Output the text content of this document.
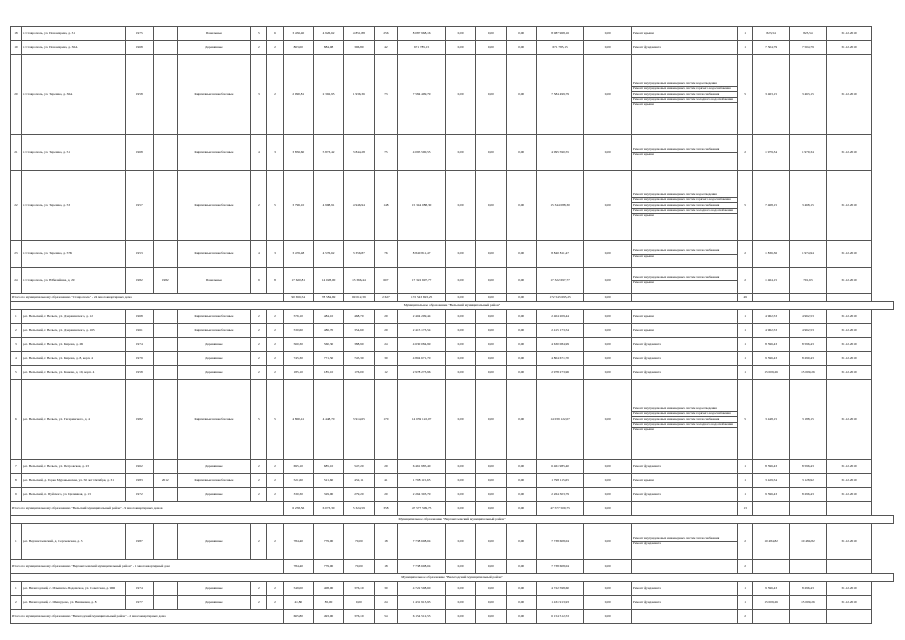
18	г. Ставрополь, ул. Пономарева, д. 31	1975		Панельные	5	6	3 456,40	4 926,62	4 851,88	256	8 087 968,16	0,00	0,00	0,00	8 087 968,16	0,00	Ремонт крыши	1	823,54	823,54	31.12.2019
19	г. Ставрополь, ул. Пономарева, д. 36А	1968		Деревянные	2	2	863,00	884,08	396,80	42	671 785,15	0,00	0,00	0,00	671 785,15	0,00	Ремонт фундамента	1	7 504,79	7 504,79	31.12.2019
20	г. Ставрополь, ул. Терешко, д. 36А	1958		Кирпичные/шлакоблочные	3	2	2 090,81	2 392,95	1 936,36	73	7 584 499,79	0,00	0,00	0,00	7 584 499,79	0,00	Ремонт внутридомовых инженерных систем водоотведения
Ремонт внутридомовых инженерных систем горячего водоснабжения
Ремонт внутридомовых инженерных систем теплоснабжения
Ремонт внутридомовых инженерных систем холодного водоснабжения
Ремонт крыши	5	3 463,15	3 463,15	31.12.2019
21	г. Ставрополь, ул. Терешко, д. 51	1968		Кирпичные/шлакоблочные	4	3	3 856,60	5 873,42	3 844,28	75	4 095 590,55	0,00	0,00	0,00	4 095 590,55	0,00	Ремонт внутридомовых инженерных систем теплоснабжения
Ремонт крыши	2	1 979,34	1 979,34	31.12.2019
22	г. Ставрополь, ул. Терешко, д. 53	1957		Кирпичные/шлакоблочные	2	5	3 796,10	4 998,91	4 946,94	148	15 344 088,30	0,00	0,00	0,00	15 344 088,30	0,00	Ремонт внутридомовых инженерных систем водоотведения
Ремонт внутридомовых инженерных систем горячего водоснабжения
Ремонт внутридомовых инженерных систем теплоснабжения
Ремонт внутридомовых инженерных систем холодного водоснабжения
Ремонт крыши	5	7 468,15	3 468,15	31.12.2019
23	г. Ставрополь, ул. Терешко, д. 57Б	1953		Кирпичные/шлакоблочные	4	3	3 476,48	4 576,62	3 356,87	76	8 840 811,47	0,00	0,00	0,00	8 840 811,47	0,00	Ремонт внутридомовых инженерных систем теплоснабжения
Ремонт крыши	2	1 836,36	1 974,94	31.12.2019
24	г. Ставрополь, ул. Юбилейная, д. 29	1982	1982	Панельные	9	8	17 620,81	14 028,00	13 366,44	607	17 322 697,77	0,00	0,00	0,00	17 322 697,77	0,00	Ремонт внутридомовых инженерных систем теплоснабжения
Ремонт крыши	2	1 464,15	791,63	31.12.2019
Итого по муниципальному образованию "Ставрополь" - 24 многоквартирных дома							90 656,54	78 584,69	69 012,39	2 627	172 543 693,25	0,00	0,00	0,00	172 543 693,25	0,00		49			
Муниципальное образование "Вельский муниципальный район"																					
1	р.п. Вельский, г. Вельск, ул. Дзержинского, д. 12	1968		Кирпичные/шлакоблочные	2	2	576,10	484,10	468,70	29	2 404 209,44	0,00	0,00	0,00	2 404 209,44	0,00	Ремонт крыши	1	4 962,53	4 962,53	31.12.2019
2	р.п. Вельский, г. Вельск, ул. Дзержинского, д. 165	1961		Кирпичные/шлакоблочные	2	2	530,60	486,70	354,60	29	2 415 173,54	0,00	0,00	0,00	2 415 173,54	0,00	Ремонт крыши	1	4 962,53	4 962,53	31.12.2019
3	р.п. Вельский, г. Вельск, ул. Кирова, д. 2Б	1974		Деревянные	2	2	560,30	560,30	388,90	24	4 630 084,99	0,00	0,00	0,00	4 630 084,99	0,00	Ремонт фундамента	1	8 596,43	8 596,43	31.12.2019
4	р.п. Вельский, г. Вельск, ул. Кирова, д. 8, корп. 4	1979		Деревянные	2	2	745,30	771,50	745,30	30	4 804 671,70	0,00	0,00	0,00	4 804 671,70	0,00	Ремонт фундамента	1	9 596,43	8 290,43	31.12.2019
5	р.п. Вельский, г. Вельск, ул. Конева, д. 19, корп. 4	1958		Деревянные	2	2	185,10	185,10	176,00	12	2 978 273,96	0,00	0,00	0,00	2 978 273,96	0,00	Ремонт фундамента	1	15 009,26	15 009,26	31.12.2019
6	р.п. Вельский, г. Вельск, ул. Гагаринского, д. 4	1982		Кирпичные/шлакоблочные	5	5	4 800,41	4 448,70	3 914,65	170	14 039 122,07	0,00	0,00	0,00	14 039 122,07	0,00	Ремонт внутридомовых инженерных систем водоотведения
Ремонт внутридомовых инженерных систем горячего водоснабжения
Ремонт внутридомовых инженерных систем теплоснабжения
Ремонт внутридомовых инженерных систем холодного водоснабжения
Ремонт крыши	5	3 448,15	3 188,15	31.12.2019
7	р.п. Вельский, г. Вельск, ул. Петровская, д. 23	1962		Деревянные	2	2	695,10	685,10	547,20	29	6 461 985,40	0,00	0,00	0,00	6 461 985,40	0,00	Ремонт фундамента	1	8 596,43	8 596,43	31.12.2019
8	р.п. Вельский, д. Горка Муравьевская, ул. 50 лет Октября, д. 31	1983	2012	Кирпичные/шлакоблочные	2	2	521,60	521,60	452,11	41	1 798 115,65	0,00	0,00	0,00	1 798 115,65	0,00	Ремонт крыши	1	3 429,54	3 128,92	31.12.2019
9	р.п. Вельский, п. Пуйского, ул. Целинная, д. 13	1972		Деревянные	2	2	330,30	329,90	279,20	20	2 264 303,79	0,00	0,00	0,00	2 264 303,79	0,00	Ремонт фундамента	1	9 596,43	8 296,43	31.12.2019
Итого по муниципальному образованию "Вельский муниципальный район" - 9 многоквартирных домов							6 258,56	6 073,30	5 324,59	358	47 577 509,75	0,00	0,00	0,00	47 577 509,75	0,00		13			
Муниципальное образование "Верхнетоемский муниципальный район"																					
1	р.п. Верхнетоемский, д. Сергеевская, д. 3	1987		Деревянные	2	2	784,40	779,00	70,00	18	7 738 608,04	0,00	0,00	0,00	7 738 608,04	0,00	Ремонт внутридомовых инженерных систем теплоснабжения
Ремонт фундамента	2	10 484,82	10 484,82	31.12.2019
Итого по муниципальному образованию "Верхнетоемский муниципальный район" - 1 многоквартирный дом							784,40	779,00	70,00	18	7 738 608,04	0,00	0,00	0,00	7 738 608,04	0,00		2			
Муниципальное образование "Вилегодский муниципальный район"																					
1	р.п. Вилегодский, с. Ильинско-Подомское, ул. Советская, д. 96Б	1974		Деревянные	2	2	549,00	408,00	376,19	30	4 722 598,60	0,00	0,00	0,00	4 722 598,60	0,00	Ремонт фундамента	1	9 596,43	8 296,43	31.12.2019
2	р.п. Вилегодский, с. Шешурово, ул. Вишневая, д. 8	1977		Деревянные	2	2	41,80	85,00	0,00	24	1 431 913,93	0,00	0,00	0,00	1 431 913,93	0,00	Ремонт фундамента	1	15 009,26	15 009,26	31.12.2019
Итого по муниципальному образованию "Вилегодский муниципальный район" - 2 многоквартирных дома							665,80	493,00	376,19	54	6 154 512,53	0,00	0,00	0,00	6 154 512,53	0,00		2			
